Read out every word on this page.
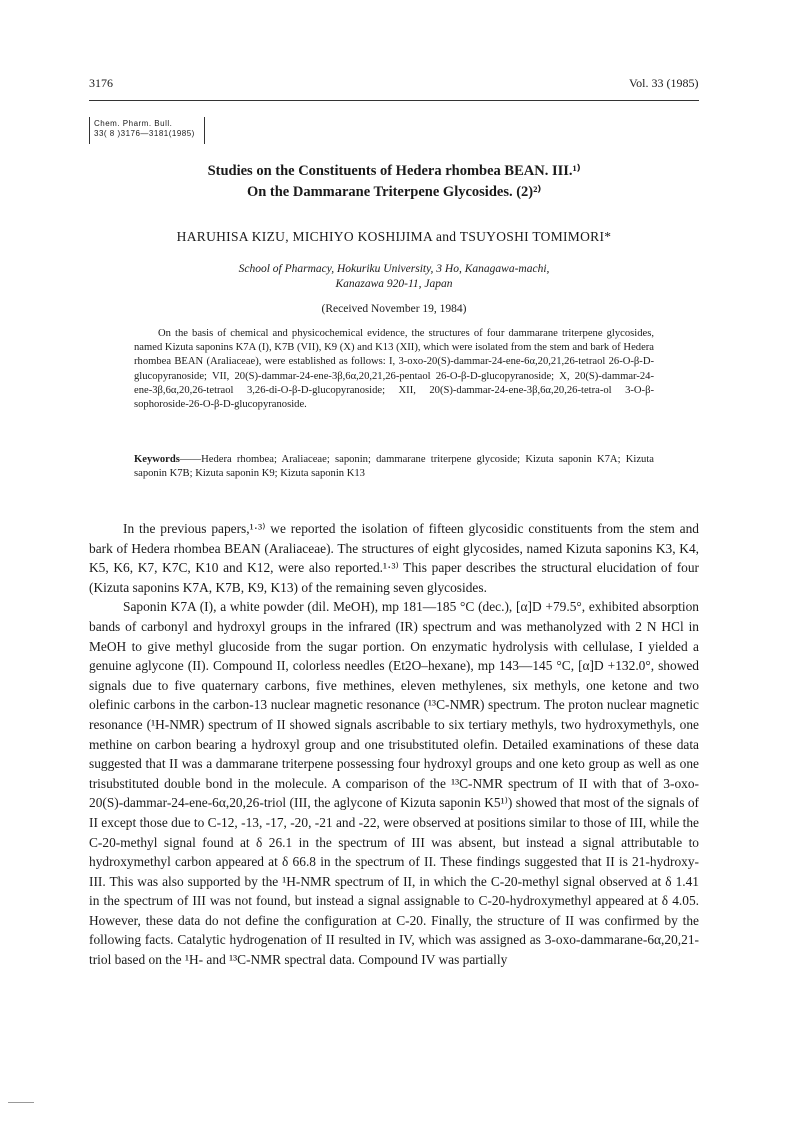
3176	Vol. 33 (1985)
Chem. Pharm. Bull.
33( 8 )3176—3181(1985)
Studies on the Constituents of Hedera rhombea BEAN. III.¹⁾
On the Dammarane Triterpene Glycosides. (2)²⁾
HARUHISA KIZU, MICHIYO KOSHIJIMA and TSUYOSHI TOMIMORI*
School of Pharmacy, Hokuriku University, 3 Ho, Kanagawa-machi,
Kanazawa 920-11, Japan
(Received November 19, 1984)

On the basis of chemical and physicochemical evidence, the structures of four dammarane triterpene glycosides, named Kizuta saponins K7A (I), K7B (VII), K9 (X) and K13 (XII), which were isolated from the stem and bark of Hedera rhombea BEAN (Araliaceae), were established as follows: I, 3-oxo-20(S)-dammar-24-ene-6α,20,21,26-tetraol 26-O-β-D-glucopyranoside; VII, 20(S)-dammar-24-ene-3β,6α,20,21,26-pentaol 26-O-β-D-glucopyranoside; X, 20(S)-dammar-24-ene-3β,6α,20,26-tetraol 3,26-di-O-β-D-glucopyranoside; XII, 20(S)-dammar-24-ene-3β,6α,20,26-tetra-ol 3-O-β-sophoroside-26-O-β-D-glucopyranoside.

Keywords——Hedera rhombea; Araliaceae; saponin; dammarane triterpene glycoside; Kizuta saponin K7A; Kizuta saponin K7B; Kizuta saponin K9; Kizuta saponin K13

In the previous papers,¹·³⁾ we reported the isolation of fifteen glycosidic constituents from the stem and bark of Hedera rhombea BEAN (Araliaceae). The structures of eight glycosides, named Kizuta saponins K3, K4, K5, K6, K7, K7C, K10 and K12, were also reported.¹·³⁾ This paper describes the structural elucidation of four (Kizuta saponins K7A, K7B, K9, K13) of the remaining seven glycosides.

Saponin K7A (I), a white powder (dil. MeOH), mp 181—185 °C (dec.), [α]D +79.5°, exhibited absorption bands of carbonyl and hydroxyl groups in the infrared (IR) spectrum and was methanolyzed with 2 N HCl in MeOH to give methyl glucoside from the sugar portion. On enzymatic hydrolysis with cellulase, I yielded a genuine aglycone (II). Compound II, colorless needles (Et2O–hexane), mp 143—145 °C, [α]D +132.0°, showed signals due to five quaternary carbons, five methines, eleven methylenes, six methyls, one ketone and two olefinic carbons in the carbon-13 nuclear magnetic resonance (¹³C-NMR) spectrum. The proton nuclear magnetic resonance (¹H-NMR) spectrum of II showed signals ascribable to six tertiary methyls, two hydroxymethyls, one methine on carbon bearing a hydroxyl group and one trisubstituted olefin. Detailed examinations of these data suggested that II was a dammarane triterpene possessing four hydroxyl groups and one keto group as well as one trisubstituted double bond in the molecule. A comparison of the ¹³C-NMR spectrum of II with that of 3-oxo-20(S)-dammar-24-ene-6α,20,26-triol (III, the aglycone of Kizuta saponin K5¹⁾) showed that most of the signals of II except those due to C-12, -13, -17, -20, -21 and -22, were observed at positions similar to those of III, while the C-20-methyl signal found at δ 26.1 in the spectrum of III was absent, but instead a signal attributable to hydroxymethyl carbon appeared at δ 66.8 in the spectrum of II. These findings suggested that II is 21-hydroxy-III. This was also supported by the ¹H-NMR spectrum of II, in which the C-20-methyl signal observed at δ 1.41 in the spectrum of III was not found, but instead a signal assignable to C-20-hydroxymethyl appeared at δ 4.05. However, these data do not define the configuration at C-20. Finally, the structure of II was confirmed by the following facts. Catalytic hydrogenation of II resulted in IV, which was assigned as 3-oxo-dammarane-6α,20,21-triol based on the ¹H- and ¹³C-NMR spectral data. Compound IV was partially
